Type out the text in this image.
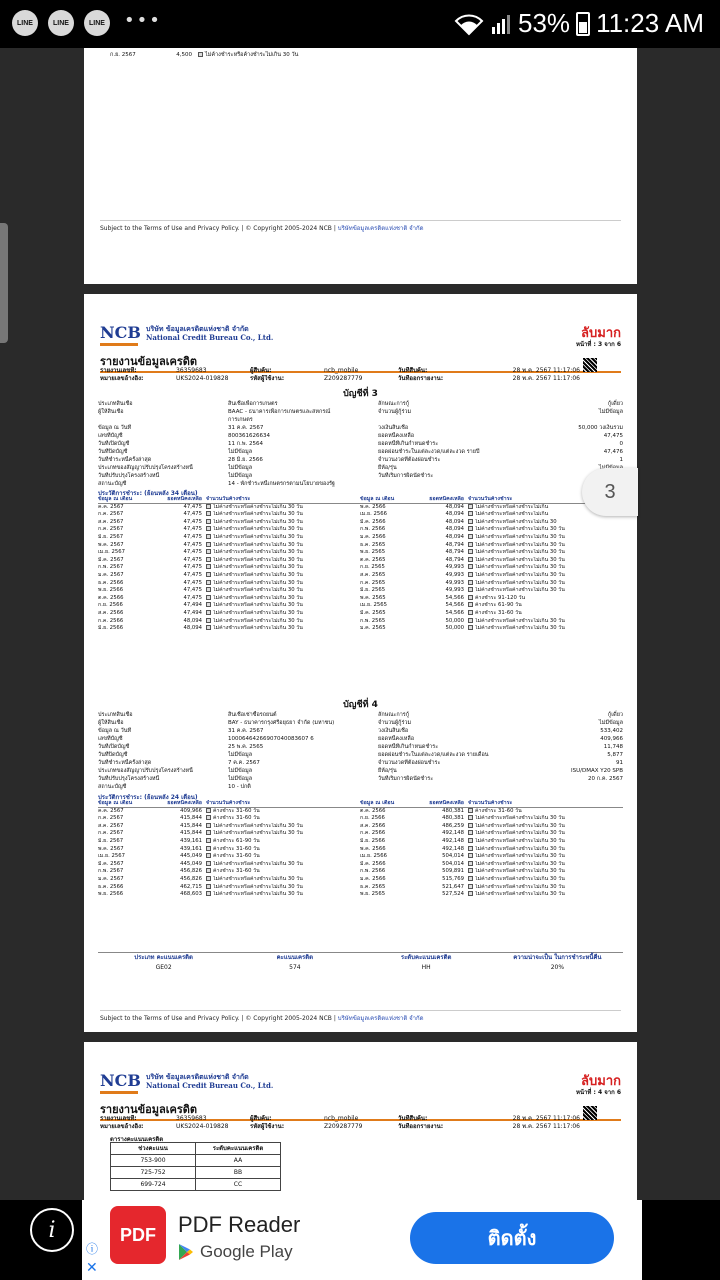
LINE	LINE	LINE •••	53% 11:23 AM
ก.ย. 2567	4,500	ไม่ค้างชำระหรือค้างชำระไม่เกิน 30 วัน
Subject to the Terms of Use and Privacy Policy. | © Copyright 2005-2024 NCB | บริษัทข้อมูลเครดิตแห่งชาติ จำกัด
NCB บริษัท ข้อมูลเครดิตแห่งชาติ จำกัด
National Credit Bureau Co., Ltd.	ลับมาก
หน้าที่ : 3 จาก 6
รายงานข้อมูลเครดิต
รายงานเลขที่:	36359683	ผู้สืบค้น:	ncb_mobile	วันที่สืบค้น:	28 พ.ค. 2567 11:17:06
หมายเลขอ้างอิง:	UKS2024-019828	รหัสผู้ใช้งาน:	Z209287779	วันที่ออกรายงาน:	28 พ.ค. 2567 11:17:06
บัญชีที่ 3
ประเภทสินเชื่อ	สินเชื่อเพื่อการเกษตร	ลักษณะการกู้	กู้เดี่ยว
ผู้ให้สินเชื่อ	BAAC - ธนาคารเพื่อการเกษตรและสหกรณ์	จำนวนผู้กู้ร่วม	ไม่มีข้อมูล
การเกษตร
ข้อมูล ณ วันที่	31 ค.ค. 2567	วงเงินสินเชื่อ	50,000 วงเงินรวม
เลขที่บัญชี	800361626634	ยอดหนี้คงเหลือ	47,475
วันที่เปิดบัญชี	11 ก.พ. 2564	ยอดหนี้ที่เกินกำหนดชำระ	0
วันที่ปิดบัญชี	ไม่มีข้อมูล	ยอดผ่อนชำระในแต่ละงวด/แต่ละงวด รายปี	47,476
วันที่ชำระหนี้ครั้งล่าสุด	28 มิ.ย. 2566	จำนวนงวดที่ต้องผ่อนชำระ	1
ประเภทของสัญญาปรับปรุงโครงสร้างหนี้	ไม่มีข้อมูล	ยี่ห้อ/รุ่น
วันที่ปรับปรุงโครงสร้างหนี้	ไม่มีข้อมูล	วันที่เริ่มการผิดนัดชำระ
สถานะบัญชี	14 - พักชำระหนี้เกษตรกรตามนโยบายของรัฐ
ประวัติการชำระ: (ย้อนหลัง 34 เดือน)
ข้อมูล ณ เดือน	ยอดหนี้คงเหลือ จำนวนวันค้างชำระ	ข้อมูล ณ เดือน	ยอดหนี้คงเหลือ จำนวนวันค้างชำระ
ค.ค. 2567	47,475	ไม่ค้างชำระหรือค้างชำระไม่เกิน 30 วัน	พ.ค. 2566	48,094	ไม่ค้างชำระหรือค้างชำระไม่เกิน
ก.ค. 2567	47,475	ไม่ค้างชำระหรือค้างชำระไม่เกิน 30 วัน	เม.ย. 2566	48,094	ไม่ค้างชำระหรือค้างชำระไม่เกิน
ส.ค. 2567	47,475	ไม่ค้างชำระหรือค้างชำระไม่เกิน 30 วัน	มี.ค. 2566	48,094	ไม่ค้างชำระหรือค้างชำระไม่เกิน 30
ก.ค. 2567	47,475	ไม่ค้างชำระหรือค้างชำระไม่เกิน 30 วัน	ก.พ. 2566	48,094	ไม่ค้างชำระหรือค้างชำระไม่เกิน 30 วัน
มิ.ย. 2567	47,475	ไม่ค้างชำระหรือค้างชำระไม่เกิน 30 วัน	ม.ค. 2566	48,094	ไม่ค้างชำระหรือค้างชำระไม่เกิน 30 วัน
พ.ค. 2567	47,475	ไม่ค้างชำระหรือค้างชำระไม่เกิน 30 วัน	ธ.ค. 2565	48,794	ไม่ค้างชำระหรือค้างชำระไม่เกิน 30 วัน
เม.ย. 2567	47,475	ไม่ค้างชำระหรือค้างชำระไม่เกิน 30 วัน	พ.ย. 2565	48,794	ไม่ค้างชำระหรือค้างชำระไม่เกิน 30 วัน
มี.ค. 2567	47,475	ไม่ค้างชำระหรือค้างชำระไม่เกิน 30 วัน	ต.ค. 2565	48,794	ไม่ค้างชำระหรือค้างชำระไม่เกิน 30 วัน
ก.พ. 2567	47,475	ไม่ค้างชำระหรือค้างชำระไม่เกิน 30 วัน	ก.ย. 2565	49,993	ไม่ค้างชำระหรือค้างชำระไม่เกิน 30 วัน
ม.ค. 2567	47,475	ไม่ค้างชำระหรือค้างชำระไม่เกิน 30 วัน	ส.ค. 2565	49,993	ไม่ค้างชำระหรือค้างชำระไม่เกิน 30 วัน
ธ.ค. 2566	47,475	ไม่ค้างชำระหรือค้างชำระไม่เกิน 30 วัน	ก.ค. 2565	49,993	ไม่ค้างชำระหรือค้างชำระไม่เกิน 30 วัน
พ.ย. 2566	47,475	ไม่ค้างชำระหรือค้างชำระไม่เกิน 30 วัน	มิ.ย. 2565	49,993	ไม่ค้างชำระหรือค้างชำระไม่เกิน 30 วัน
ต.ค. 2566	47,475	ไม่ค้างชำระหรือค้างชำระไม่เกิน 30 วัน	พ.ค. 2565	54,566	ค้างชำระ 91-120 วัน
ก.ย. 2566	47,494	ไม่ค้างชำระหรือค้างชำระไม่เกิน 30 วัน	เม.ย. 2565	54,566	ค้างชำระ 61-90 วัน
ส.ค. 2566	47,494	ไม่ค้างชำระหรือค้างชำระไม่เกิน 30 วัน	มี.ค. 2565	54,566	ค้างชำระ 31-60 วัน
ก.ค. 2566	48,094	ไม่ค้างชำระหรือค้างชำระไม่เกิน 30 วัน	ก.พ. 2565	50,000	ไม่ค้างชำระหรือค้างชำระไม่เกิน 30 วัน
มิ.ย. 2566	48,094	ไม่ค้างชำระหรือค้างชำระไม่เกิน 30 วัน	ม.ค. 2565	50,000	ไม่ค้างชำระหรือค้างชำระไม่เกิน 30 วัน
บัญชีที่ 4
ประเภทสินเชื่อ	สินเชื่อเช่าซื้อรถยนต์	ลักษณะการกู้	กู้เดี่ยว
ผู้ให้สินเชื่อ	BAY - ธนาคารกรุงศรีอยุธยา จำกัด (มหาชน)	จำนวนผู้กู้ร่วม	ไม่มีข้อมูล
ข้อมูล ณ วันที่	31 ค.ค. 2567	วงเงินสินเชื่อ	533,402
เลขที่บัญชี	10006464266907040083607 6	ยอดหนี้คงเหลือ	409,966
วันที่เปิดบัญชี	25 พ.ค. 2565	ยอดหนี้ที่เกินกำหนดชำระ	11,748
วันที่ปิดบัญชี	ไม่มีข้อมูล	ยอดผ่อนชำระในแต่ละงวด/แต่ละงวด รายเดือน	5,877
วันที่ชำระหนี้ครั้งล่าสุด	7 ค.ค. 2567	จำนวนงวดที่ต้องผ่อนชำระ	91
ประเภทของสัญญาปรับปรุงโครงสร้างหนี้	ไม่มีข้อมูล	ยี่ห้อ/รุ่น	ISU/DMAX Y20 SPB
วันที่ปรับปรุงโครงสร้างหนี้	ไม่มีข้อมูล	วันที่เริ่มการผิดนัดชำระ	20 ก.ค. 2567
สถานะบัญชี	10 - ปกติ
ประวัติการชำระ: (ย้อนหลัง 24 เดือน)
ข้อมูล ณ เดือน	ยอดหนี้คงเหลือ จำนวนวันค้างชำระ	ข้อมูล ณ เดือน	ยอดหนี้คงเหลือ จำนวนวันค้างชำระ
ค.ค. 2567	409,966	ค้างชำระ 31-60 วัน	ต.ค. 2566	480,381	ค้างชำระ 31-60 วัน
ก.ค. 2567	415,844	ค้างชำระ 31-60 วัน	ก.ย. 2566	480,381	ไม่ค้างชำระหรือค้างชำระไม่เกิน 30 วัน
ส.ค. 2567	415,844	ไม่ค้างชำระหรือค้างชำระไม่เกิน 30 วัน	ส.ค. 2566	486,259	ไม่ค้างชำระหรือค้างชำระไม่เกิน 30 วัน
ก.ค. 2567	415,844	ไม่ค้างชำระหรือค้างชำระไม่เกิน 30 วัน	ก.ค. 2566	492,148	ไม่ค้างชำระหรือค้างชำระไม่เกิน 30 วัน
มิ.ย. 2567	439,161	ค้างชำระ 61-90 วัน	มิ.ย. 2566	492,148	ไม่ค้างชำระหรือค้างชำระไม่เกิน 30 วัน
พ.ค. 2567	439,161	ค้างชำระ 31-60 วัน	พ.ค. 2566	492,148	ไม่ค้างชำระหรือค้างชำระไม่เกิน 30 วัน
เม.ย. 2567	445,049	ค้างชำระ 31-60 วัน	เม.ย. 2566	504,014	ไม่ค้างชำระหรือค้างชำระไม่เกิน 30 วัน
มี.ค. 2567	445,049	ไม่ค้างชำระหรือค้างชำระไม่เกิน 30 วัน	มี.ค. 2566	504,014	ไม่ค้างชำระหรือค้างชำระไม่เกิน 30 วัน
ก.พ. 2567	456,826	ค้างชำระ 31-60 วัน	ก.พ. 2566	509,891	ไม่ค้างชำระหรือค้างชำระไม่เกิน 30 วัน
ม.ค. 2567	456,826	ไม่ค้างชำระหรือค้างชำระไม่เกิน 30 วัน	ม.ค. 2566	515,769	ไม่ค้างชำระหรือค้างชำระไม่เกิน 30 วัน
ธ.ค. 2566	462,715	ไม่ค้างชำระหรือค้างชำระไม่เกิน 30 วัน	ธ.ค. 2565	521,647	ไม่ค้างชำระหรือค้างชำระไม่เกิน 30 วัน
พ.ย. 2566	468,603	ไม่ค้างชำระหรือค้างชำระไม่เกิน 30 วัน	พ.ย. 2565	527,524	ไม่ค้างชำระหรือค้างชำระไม่เกิน 30 วัน
ประเภท คะแนนเครดิต	คะแนนเครดิต	ระดับคะแนนเครดิต	ความน่าจะเป็น ในการชำระหนี้คืน
GE02	574	HH	20%
Subject to the Terms of Use and Privacy Policy. | © Copyright 2005-2024 NCB | บริษัทข้อมูลเครดิตแห่งชาติ จำกัด
NCB บริษัท ข้อมูลเครดิตแห่งชาติ จำกัด
National Credit Bureau Co., Ltd.	ลับมาก
หน้าที่ : 4 จาก 6
รายงานข้อมูลเครดิต
รายงานเลขที่:	36359683	ผู้สืบค้น:	ncb_mobile	วันที่สืบค้น:	28 พ.ค. 2567 11:17:06
หมายเลขอ้างอิง:	UKS2024-019828	รหัสผู้ใช้งาน:	Z209287779	วันที่ออกรายงาน:	28 พ.ค. 2567 11:17:06
ตารางคะแนนเครดิต
ช่วงคะแนน	ระดับคะแนนเครดิต
753-900	AA
725-752	BB
699-724	CC
3
i
ⓘ
✕
PDF	PDF Reader
Google Play
ติดตั้ง
